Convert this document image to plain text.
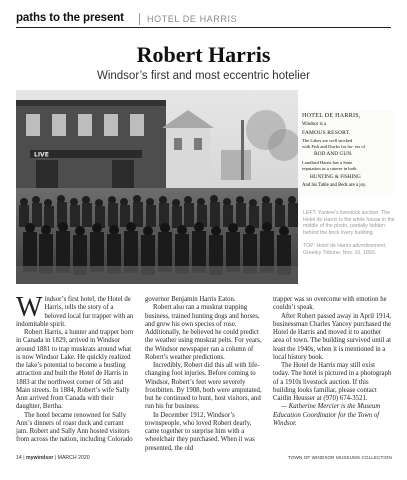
paths to the present	HOTEL DE HARRIS
Robert Harris
Windsor’s first and most eccentric hotelier
LIVE
HOTEL DE HARRIS,
Windsor is a
FAMOUS RESORT.
The Lakes are well stocked
with Fish and Ducks for ho- ers of
ROD AND GUN.
Landlord Harris has a State
reputation as a caterer in both
HUNTING & FISHING
And his Table and Beds are a joy.
LEFT: Yankee’s livestock auction. The Hotel de Harris is the white house in the middle of the photo, partially hidden behind the brick livery building.
TOP: Hotel de Harris advertisement. Greeley Tribune, Nov. 16, 1893.

Windsor’s first hotel, the Hotel de Harris, tells the story of a beloved local fur trapper with an indomitable spirit.

Robert Harris, a hunter and trapper born in Canada in 1829, arrived in Windsor around 1881 to trap muskrats around what is now Windsor Lake. He quickly realized the lake’s potential to become a bustling attraction and built the Hotel de Harris in 1883 at the northwest corner of 5th and Main streets. In 1884, Robert’s wife Sally Ann arrived from Canada with their daughter, Bertha.

The hotel became renowned for Sally Ann’s dinners of roast duck and currant jam. Robert and Sally Ann hosted visitors from across the nation, including Colorado

governor Benjamin Harris Eaton.

Robert also ran a muskrat trapping business, trained hunting dogs and horses, and grew his own species of rose. Additionally, he believed he could predict the weather using muskrat pelts. For years, the Windsor newspaper ran a column of Robert’s weather predictions.

Incredibly, Robert did this all with life-changing foot injuries. Before coming to Windsor, Robert’s feet were severely frostbitten. By 1908, both were amputated, but he continued to hunt, host visitors, and run his fur business.

In December 1912, Windsor’s townspeople, who loved Robert dearly, came together to surprise him with a wheelchair they purchased. When it was presented, the old

trapper was so overcome with emotion he couldn’t speak.

After Robert passed away in April 1914, businessman Charles Yancey purchased the Hotel de Harris and moved it to another area of town. The building survived until at least the 1940s, when it is mentioned in a local history book.

The Hotel de Harris may still exist today. The hotel is pictured in a photograph of a 1910s livestock auction. If this building looks familiar, please contact Caitlin Heusser at (970) 674-3521.

— Katherine Mercier is the Museum Education Coordinator for the Town of Windsor.

14 | mywindsor | MARCH 2020	TOWN OF WINDSOR MUSEUMS COLLECTION
